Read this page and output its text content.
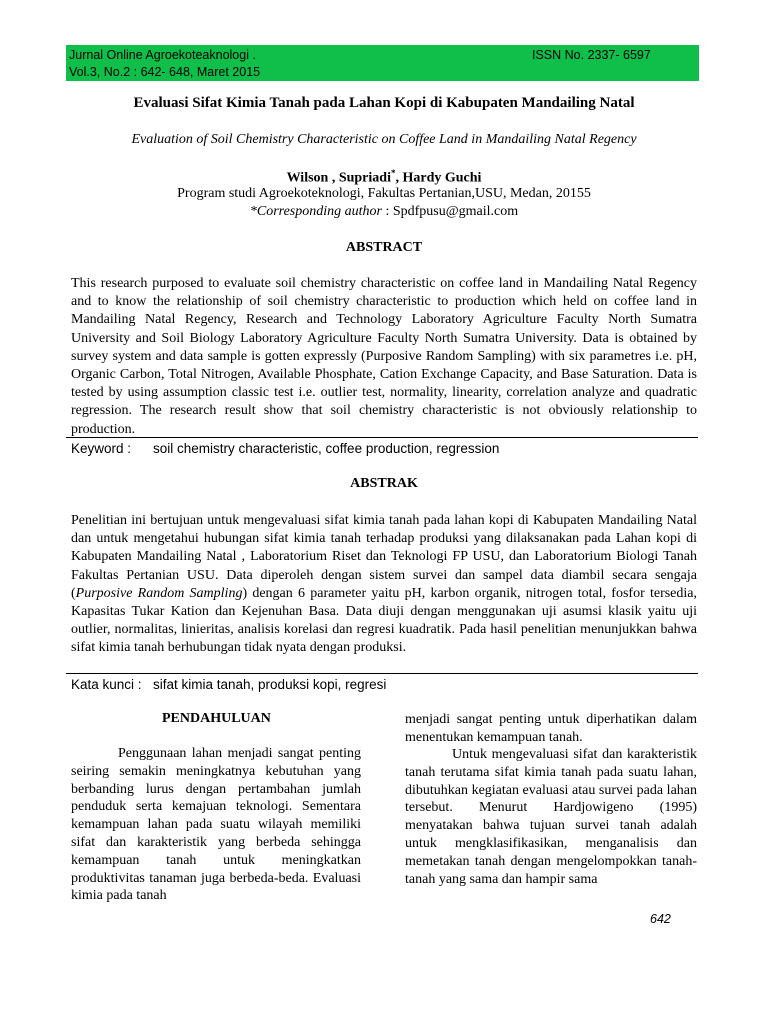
Jurnal Online Agroekoteaknologi .
Vol.3, No.2 : 642- 648, Maret 2015
ISSN No. 2337- 6597
Evaluasi Sifat Kimia Tanah pada Lahan Kopi di Kabupaten Mandailing Natal
Evaluation of Soil Chemistry Characteristic on Coffee Land in Mandailing Natal Regency
Wilson , Supriadi*, Hardy Guchi
Program studi Agroekoteknologi, Fakultas Pertanian,USU, Medan, 20155
*Corresponding author : Spdfpusu@gmail.com
ABSTRACT
This research purposed to evaluate soil chemistry characteristic on coffee land in Mandailing Natal Regency and to know the relationship of soil chemistry characteristic to production which held on coffee land in Mandailing Natal Regency, Research and Technology Laboratory Agriculture Faculty North Sumatra University and Soil Biology Laboratory Agriculture Faculty North Sumatra University. Data is obtained by survey system and data sample is gotten expressly (Purposive Random Sampling) with six parametres i.e. pH, Organic Carbon, Total Nitrogen, Available Phosphate, Cation Exchange Capacity, and Base Saturation. Data is tested by using assumption classic test i.e. outlier test, normality, linearity, correlation analyze and quadratic regression. The research result show that soil chemistry characteristic is not obviously relationship to production.
Keyword : soil chemistry characteristic, coffee production, regression
ABSTRAK
Penelitian ini bertujuan untuk mengevaluasi sifat kimia tanah pada lahan kopi di Kabupaten Mandailing Natal dan untuk mengetahui hubungan sifat kimia tanah terhadap produksi yang dilaksanakan pada Lahan kopi di Kabupaten Mandailing Natal , Laboratorium Riset dan Teknologi FP USU, dan Laboratorium Biologi Tanah Fakultas Pertanian USU. Data diperoleh dengan sistem survei dan sampel data diambil secara sengaja (Purposive Random Sampling) dengan 6 parameter yaitu pH, karbon organik, nitrogen total, fosfor tersedia, Kapasitas Tukar Kation dan Kejenuhan Basa. Data diuji dengan menggunakan uji asumsi klasik yaitu uji outlier, normalitas, linieritas, analisis korelasi dan regresi kuadratik. Pada hasil penelitian menunjukkan bahwa sifat kimia tanah berhubungan tidak nyata dengan produksi.
Kata kunci : sifat kimia tanah, produksi kopi, regresi
PENDAHULUAN
Penggunaan lahan menjadi sangat penting seiring semakin meningkatnya kebutuhan yang berbanding lurus dengan pertambahan jumlah penduduk serta kemajuan teknologi. Sementara kemampuan lahan pada suatu wilayah memiliki sifat dan karakteristik yang berbeda sehingga kemampuan tanah untuk meningkatkan produktivitas tanaman juga berbeda-beda. Evaluasi kimia pada tanah
menjadi sangat penting untuk diperhatikan dalam menentukan kemampuan tanah.
Untuk mengevaluasi sifat dan karakteristik tanah terutama sifat kimia tanah pada suatu lahan, dibutuhkan kegiatan evaluasi atau survei pada lahan tersebut. Menurut Hardjowigeno (1995) menyatakan bahwa tujuan survei tanah adalah untuk mengklasifikasikan, menganalisis dan memetakan tanah dengan mengelompokkan tanah-tanah yang sama dan hampir sama
642
